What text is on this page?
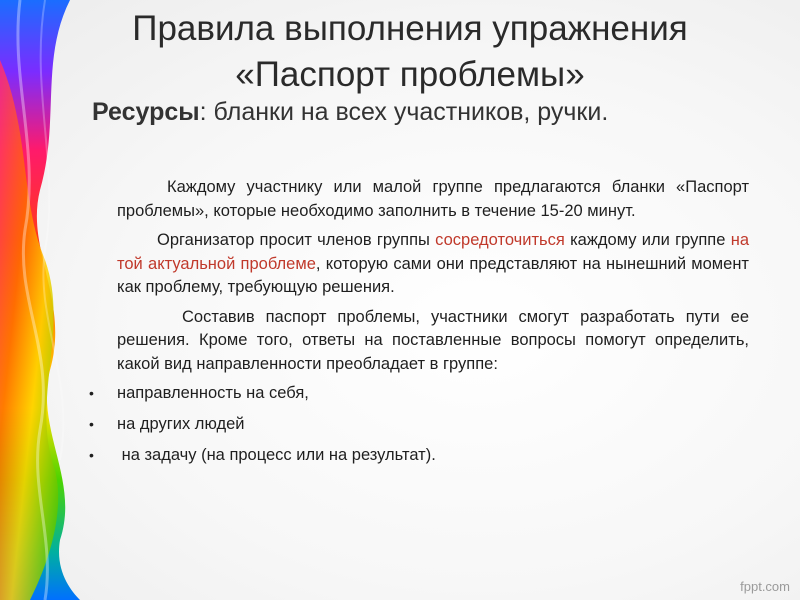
Правила выполнения упражнения
«Паспорт проблемы»
Ресурсы: бланки на всех участников, ручки.

Каждому участнику или малой группе предлагаются бланки «Паспорт проблемы», которые необходимо заполнить в течение 15-20 минут.

Организатор просит членов группы сосредоточиться каждому или группе на той актуальной проблеме, которую сами они представляют на нынешний момент как проблему, требующую решения.

Составив паспорт проблемы, участники смогут разработать пути ее решения. Кроме того, ответы на поставленные вопросы помогут определить, какой вид направленности преобладает в группе:

• направленность на себя,
• на других людей
• на задачу (на процесс или на результат).
fppt.com
